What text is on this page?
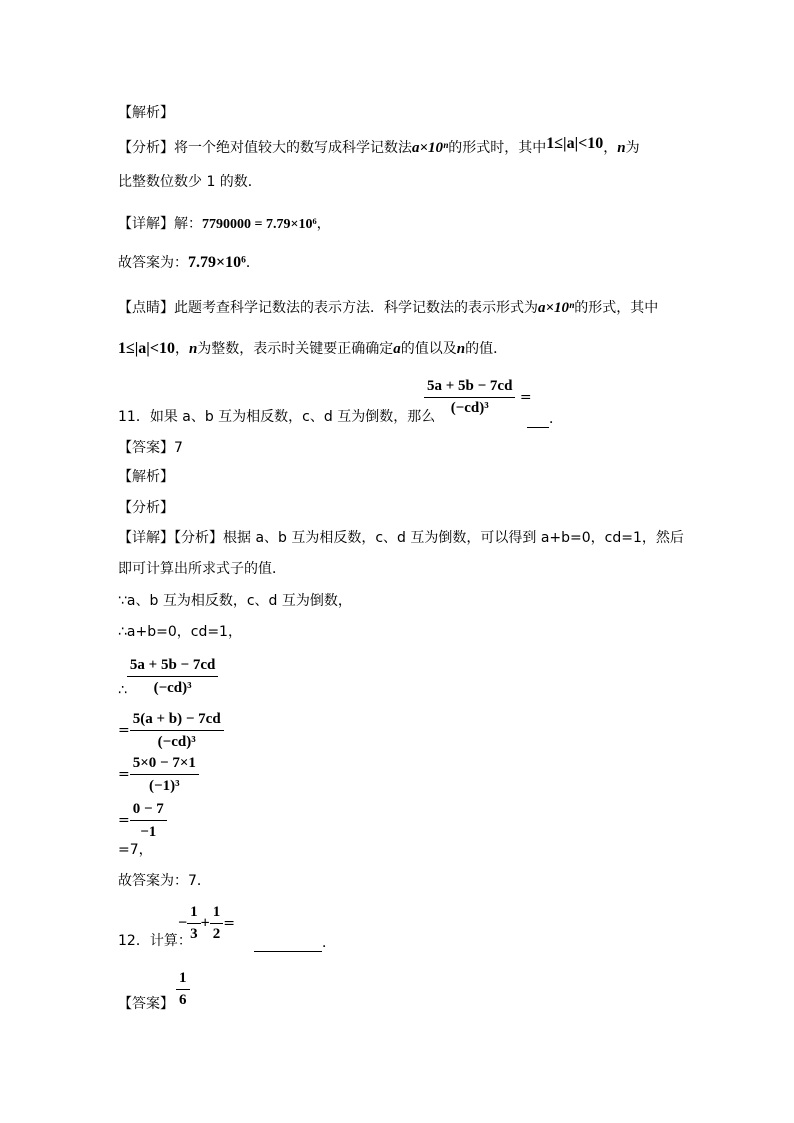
【解析】
【分析】将一个绝对值较大的数写成科学记数法a×10ⁿ的形式时，其中1≤|a|<10，n为
比整数位数少 1 的数．
【详解】解：7790000 = 7.79×10⁶，
故答案为：7.79×10⁶．
【点睛】此题考查科学记数法的表示方法．科学记数法的表示形式为a×10ⁿ的形式，其中
1≤|a|<10，n为整数，表示时关键要正确确定a的值以及n的值．
11．如果 a、b 互为相反数，c、d 互为倒数，那么
$\frac{5a + 5b - 7cd}{\text{(−cd)³}}$ =
．
【答案】7
【解析】
【分析】
【详解】【分析】根据 a、b 互为相反数，c、d 互为倒数，可以得到 a+b=0，cd=1，然后
即可计算出所求式子的值．
∵a、b 互为相反数，c、d 互为倒数，
∴a+b=0，cd=1，
∴ $\frac{5a + 5b - 7cd}{\text{(−cd)³}}$
= $\frac{5(a + b) - 7cd}{\text{(−cd)³}}$
= $\frac{5\times 0 - 7\times 1}{\text{(−1)³}}$
= $\frac{0 - 7}{-1}$
=7，
故答案为：7．
12．计算：
− $\frac{1}{3} + \frac{1}{2}$ =
．
【答案】 $\frac{1}{6}$
